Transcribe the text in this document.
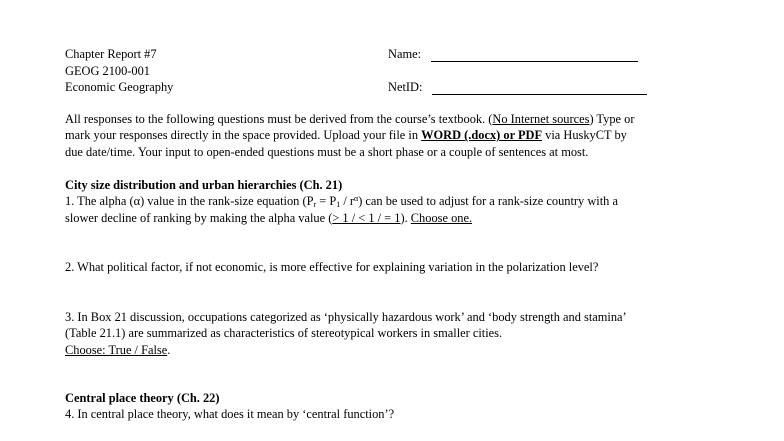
Chapter Report #7
GEOG 2100-001
Economic Geography
Name:
NetID:
All responses to the following questions must be derived from the course’s textbook. (No Internet sources) Type or
mark your responses directly in the space provided. Upload your file in WORD (.docx) or PDF via HuskyCT by
due date/time. Your input to open-ended questions must be a short phase or a couple of sentences at most.
City size distribution and urban hierarchies (Ch. 21)
1. The alpha (α) value in the rank-size equation $(P_r = P_1 / r^\alpha)$ can be used to adjust for a rank-size country with a
slower decline of ranking by making the alpha value (> 1 / < 1 / = 1). Choose one.
2. What political factor, if not economic, is more effective for explaining variation in the polarization level?
3. In Box 21 discussion, occupations categorized as ‘physically hazardous work’ and ‘body strength and stamina’
(Table 21.1) are summarized as characteristics of stereotypical workers in smaller cities.
Choose: True / False.
Central place theory (Ch. 22)
4. In central place theory, what does it mean by ‘central function’?
